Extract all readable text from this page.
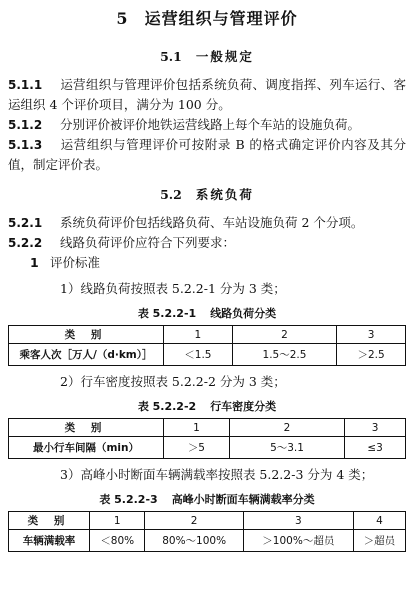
5 运营组织与管理评价
5.1 一般规定

5.1.1 运营组织与管理评价包括系统负荷、调度指挥、列车运行、客运组织 4 个评价项目，满分为 100 分。

5.1.2 分别评价被评价地铁运营线路上每个车站的设施负荷。

5.1.3 运营组织与管理评价可按附录 B 的格式确定评价内容及其分值，制定评价表。

5.2 系统负荷

5.2.1 系统负荷评价包括线路负荷、车站设施负荷 2 个分项。

5.2.2 线路负荷评价应符合下列要求：

1 评价标准

1）线路负荷按照表 5.2.2-1 分为 3 类；

表 5.2.2-1 线路负荷分类
类 别	1	2	3
乘客人次［万人/（d·km）］	＜1.5	1.5～2.5	＞2.5

2）行车密度按照表 5.2.2-2 分为 3 类；

表 5.2.2-2 行车密度分类
类 别	1	2	3
最小行车间隔（min）	＞5	5～3.1	≤3

3）高峰小时断面车辆满载率按照表 5.2.2-3 分为 4 类；

表 5.2.2-3 高峰小时断面车辆满载率分类
类 别	1	2	3	4
车辆满载率	＜80%	80%～100%	＞100%～超员	＞超员
